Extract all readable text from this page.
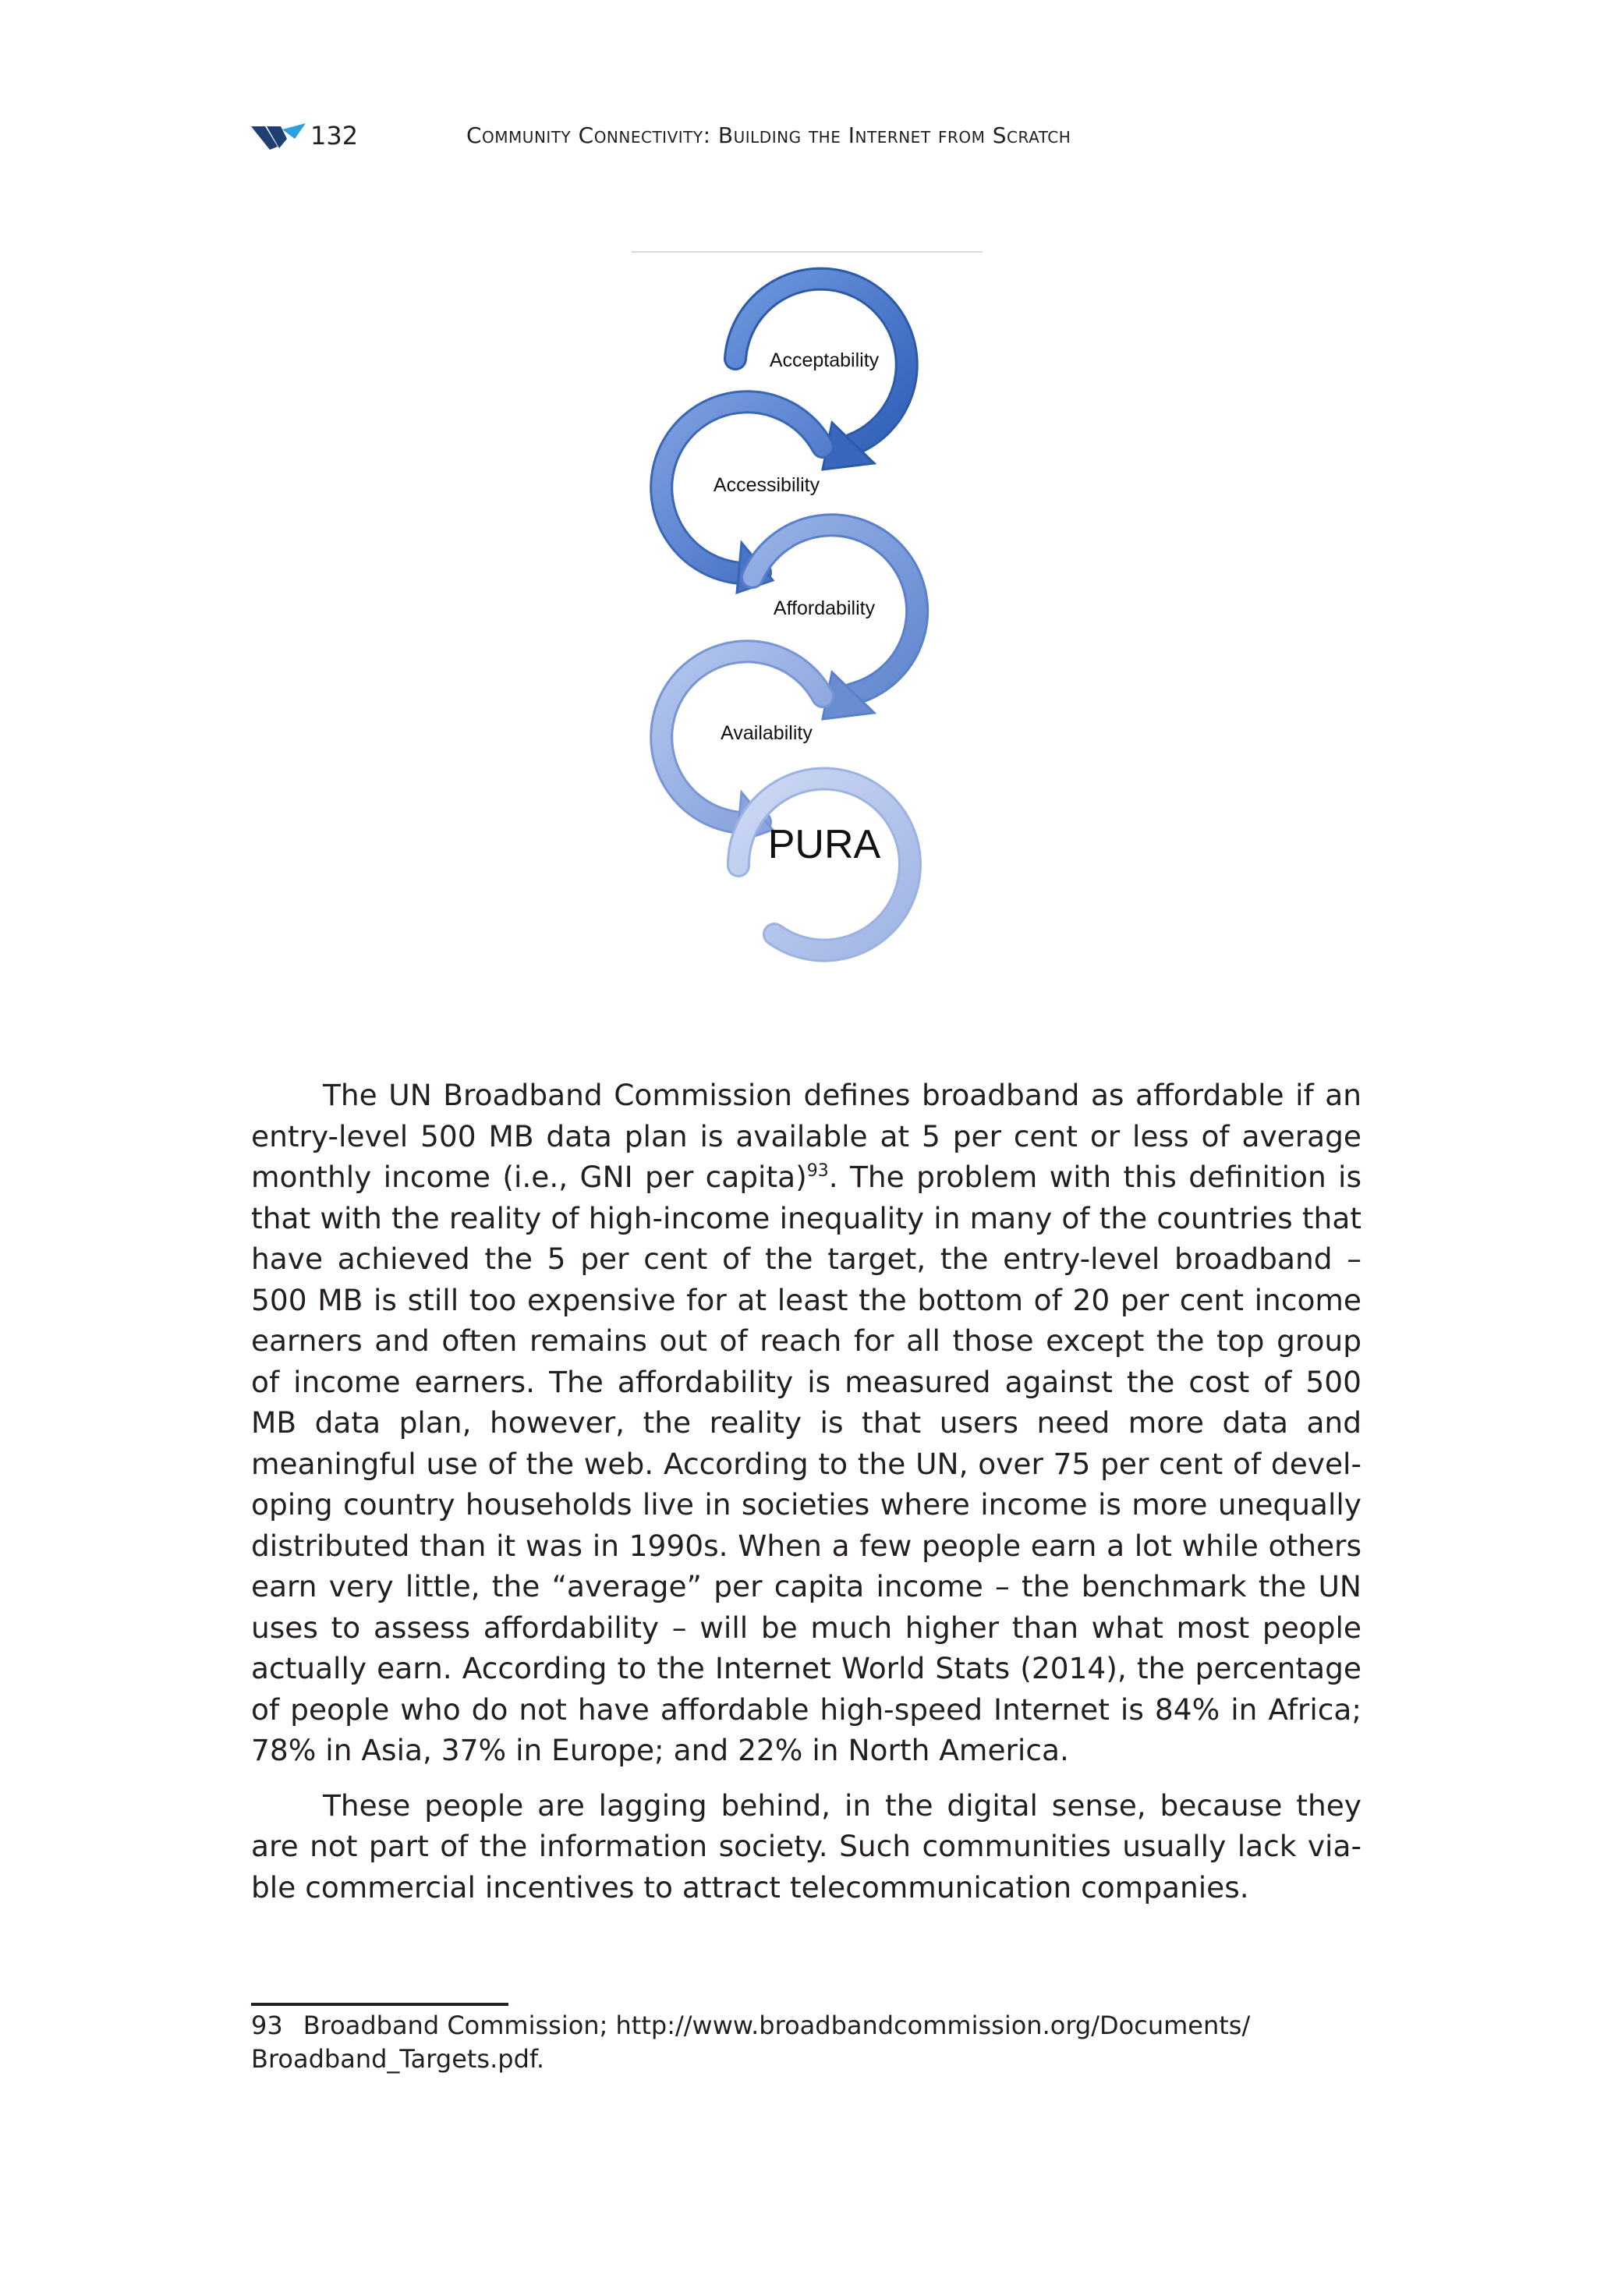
132	Community Connectivity: Building the Internet from Scratch
Acceptability
Accessibility
Affordability
Availability
PURA

The UN Broadband Commission defines broadband as affordable if an entry-level 500 MB data plan is available at 5 per cent or less of average monthly income (i.e., GNI per capita)$^{93}$. The problem with this definition is that with the reality of high-income inequality in many of the countries that have achieved the 5 per cent of the target, the entry-level broadband – 500 MB is still too expensive for at least the bottom of 20 per cent income earners and often remains out of reach for all those except the top group of income earners. The affordability is measured against the cost of 500 MB data plan, however, the reality is that users need more data and meaningful use of the web. According to the UN, over 75 per cent of developing country households live in societies where income is more unequally distributed than it was in 1990s. When a few people earn a lot while others earn very little, the “average” per capita income – the benchmark the UN uses to assess affordability – will be much higher than what most people actually earn. According to the Internet World Stats (2014), the percentage of people who do not have affordable high-speed Internet is 84% in Africa; 78% in Asia, 37% in Europe; and 22% in North America.

These people are lagging behind, in the digital sense, because they are not part of the information society. Such communities usually lack viable commercial incentives to attract telecommunication companies.

93 Broadband Commission; http://www.broadbandcommission.org/Documents/ Broadband_Targets.pdf.
